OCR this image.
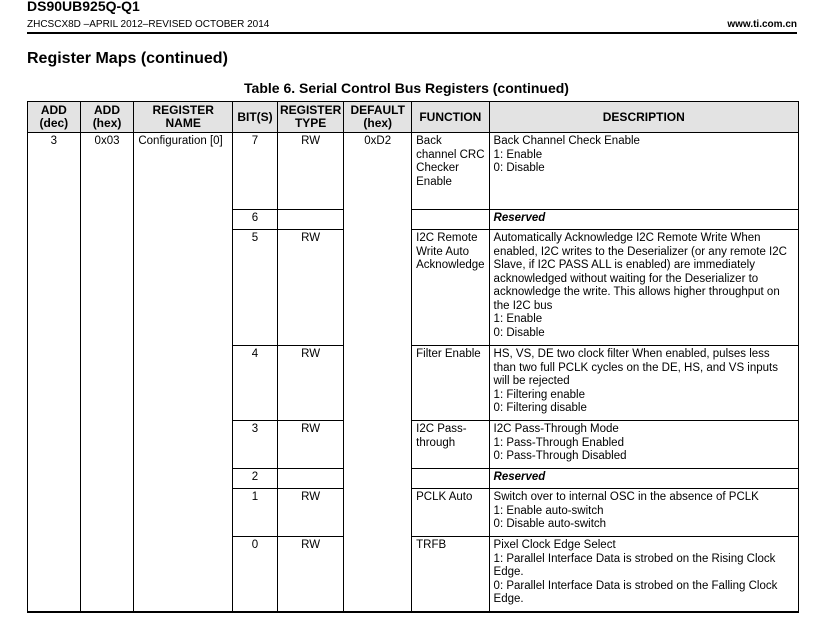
DS90UB925Q-Q1
ZHCSCX8D –APRIL 2012–REVISED OCTOBER 2014	www.ti.com.cn
Register Maps (continued)
Table 6. Serial Control Bus Registers (continued)
ADD (dec)	ADD (hex)	REGISTER NAME	BIT(S)	REGISTER TYPE	DEFAULT (hex)	FUNCTION	DESCRIPTION
3	0x03	Configuration [0]	7	RW	0xD2	Back channel CRC Checker Enable	Back Channel Check Enable
1: Enable
0: Disable

			6				Reserved

			5	RW		I2C Remote Write Auto Acknowledge	Automatically Acknowledge I2C Remote Write When enabled, I2C writes to the Deserializer (or any remote I2C Slave, if I2C PASS ALL is enabled) are immediately acknowledged without waiting for the Deserializer to acknowledge the write. This allows higher throughput on the I2C bus
1: Enable
0: Disable

			4	RW		Filter Enable	HS, VS, DE two clock filter When enabled, pulses less than two full PCLK cycles on the DE, HS, and VS inputs will be rejected
1: Filtering enable
0: Filtering disable

			3	RW		I2C Pass-through	I2C Pass-Through Mode
1: Pass-Through Enabled
0: Pass-Through Disabled

			2				Reserved

			1	RW		PCLK Auto	Switch over to internal OSC in the absence of PCLK
1: Enable auto-switch
0: Disable auto-switch

			0	RW		TRFB	Pixel Clock Edge Select
1: Parallel Interface Data is strobed on the Rising Clock Edge.
0: Parallel Interface Data is strobed on the Falling Clock Edge.
